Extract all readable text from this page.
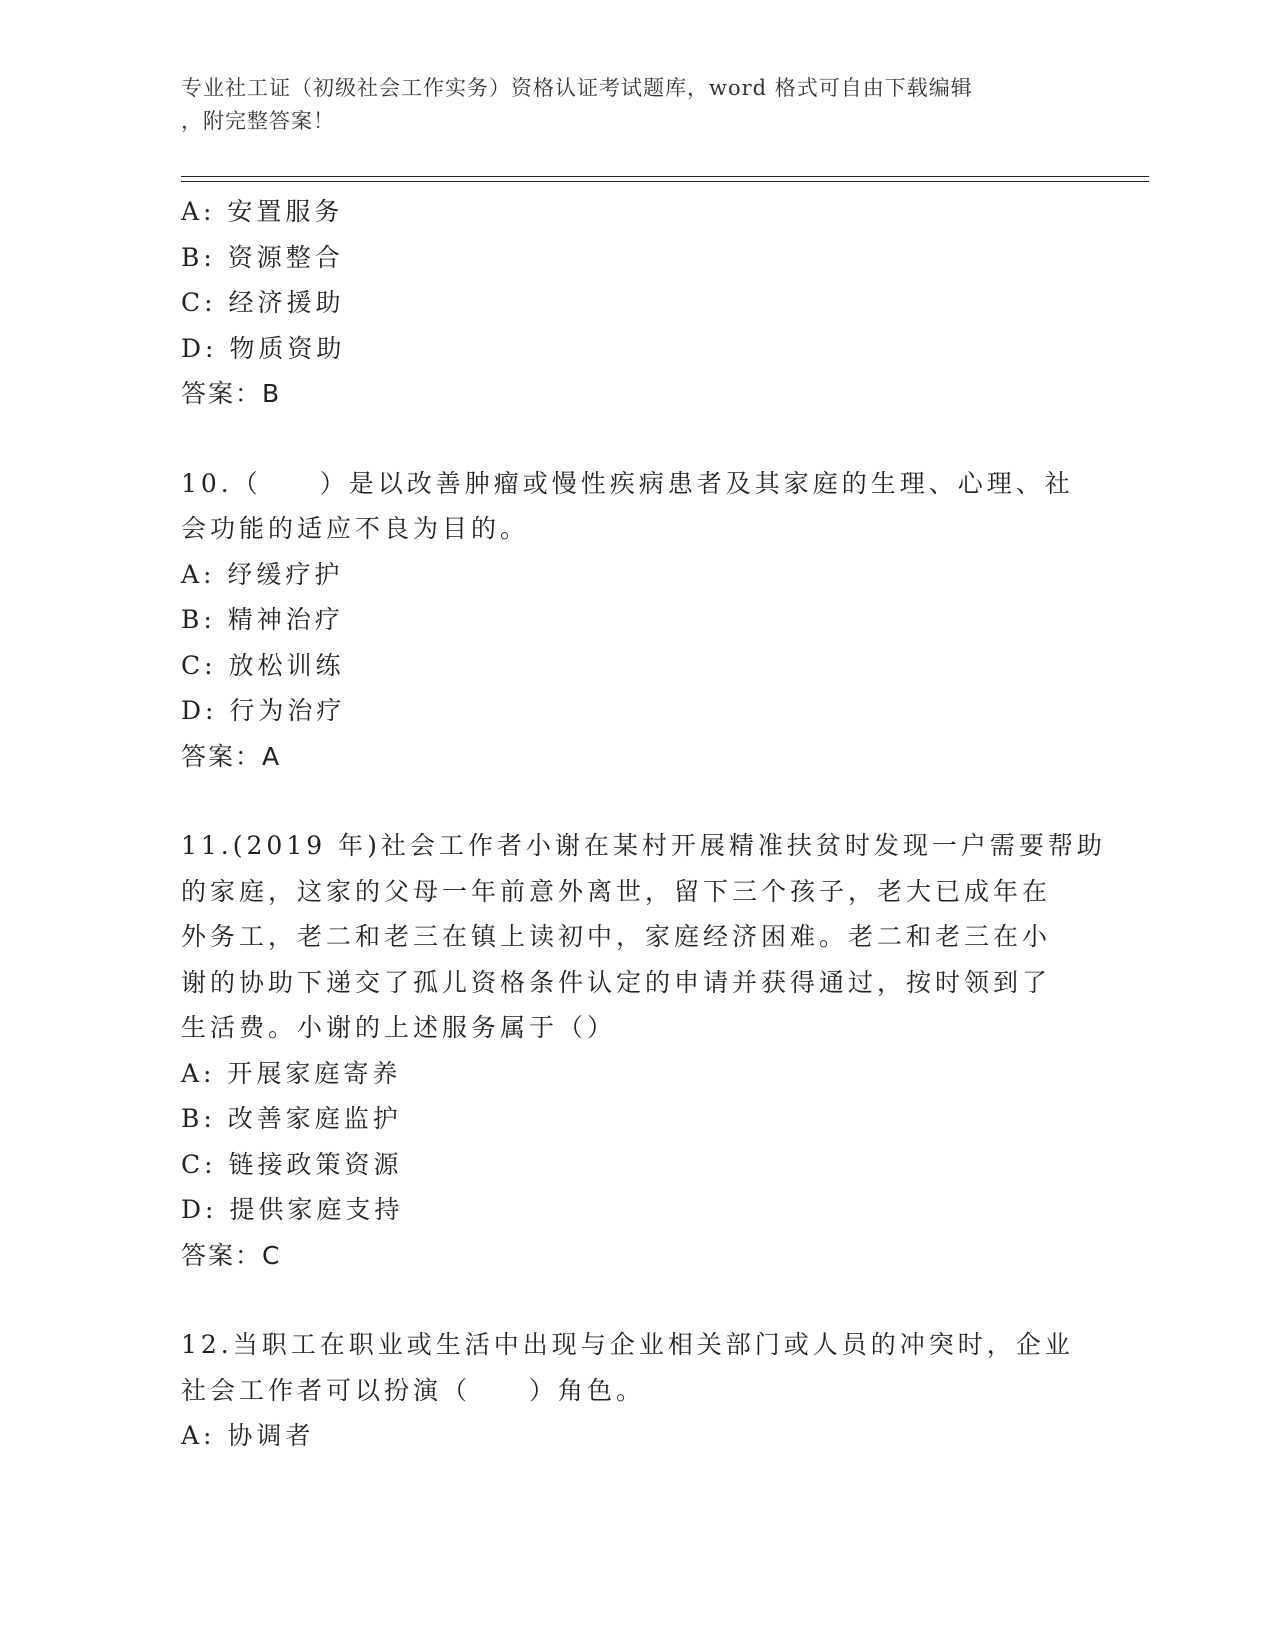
专业社工证（初级社会工作实务）资格认证考试题库，word 格式可自由下载编辑
，附完整答案！
A: 安置服务
B: 资源整合
C: 经济援助
D: 物质资助
答案：B
10.（　　）是以改善肿瘤或慢性疾病患者及其家庭的生理、心理、社
会功能的适应不良为目的。
A: 纾缓疗护
B: 精神治疗
C: 放松训练
D: 行为治疗
答案：A
11.(2019 年)社会工作者小谢在某村开展精准扶贫时发现一户需要帮助
的家庭，这家的父母一年前意外离世，留下三个孩子，老大已成年在
外务工，老二和老三在镇上读初中，家庭经济困难。老二和老三在小
谢的协助下递交了孤儿资格条件认定的申请并获得通过，按时领到了
生活费。小谢的上述服务属于（）
A: 开展家庭寄养
B: 改善家庭监护
C: 链接政策资源
D: 提供家庭支持
答案：C
12.当职工在职业或生活中出现与企业相关部门或人员的冲突时，企业
社会工作者可以扮演（　　）角色。
A: 协调者
